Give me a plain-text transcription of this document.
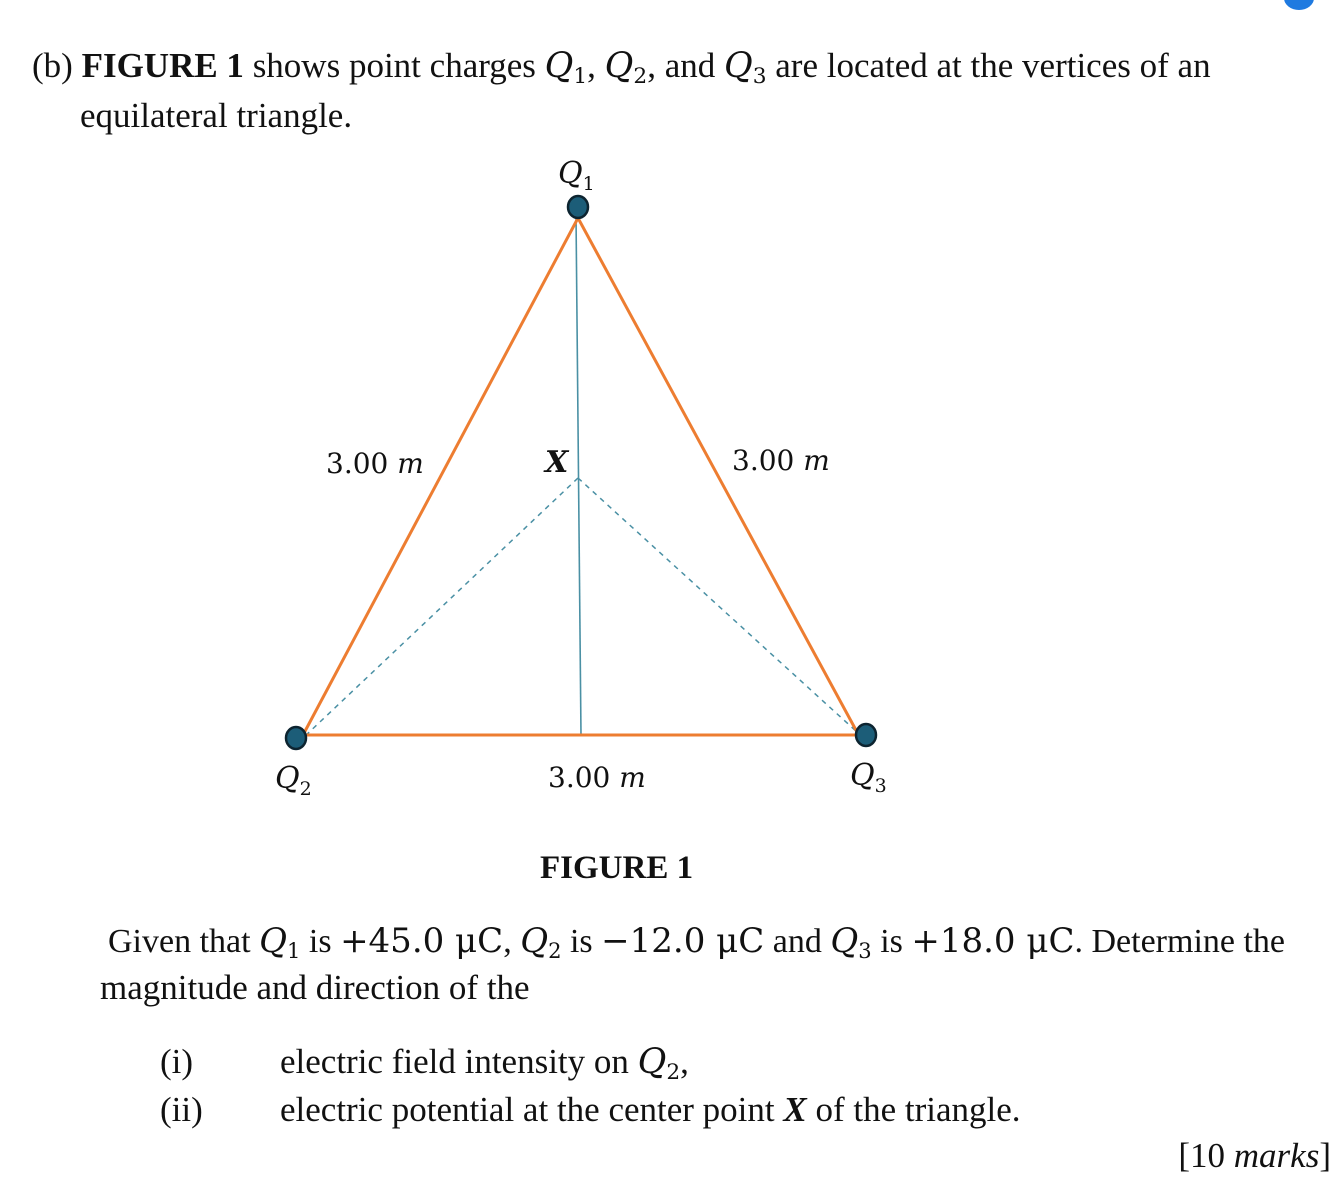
(b) FIGURE 1 shows point charges $Q_1$, $Q_2$, and $Q_3$ are located at the vertices of an
equilateral triangle.
$Q_1$
$Q_2$	$Q_3$
3.00 m	3.00 m
3.00 m
X
FIGURE 1
Given that $Q_1$ is +45.0 μC, $Q_2$ is −12.0 μC and $Q_3$ is +18.0 μC. Determine the
magnitude and direction of the
(i) electric field intensity on $Q_2$,
(ii) electric potential at the center point X of the triangle.
[10 marks]
